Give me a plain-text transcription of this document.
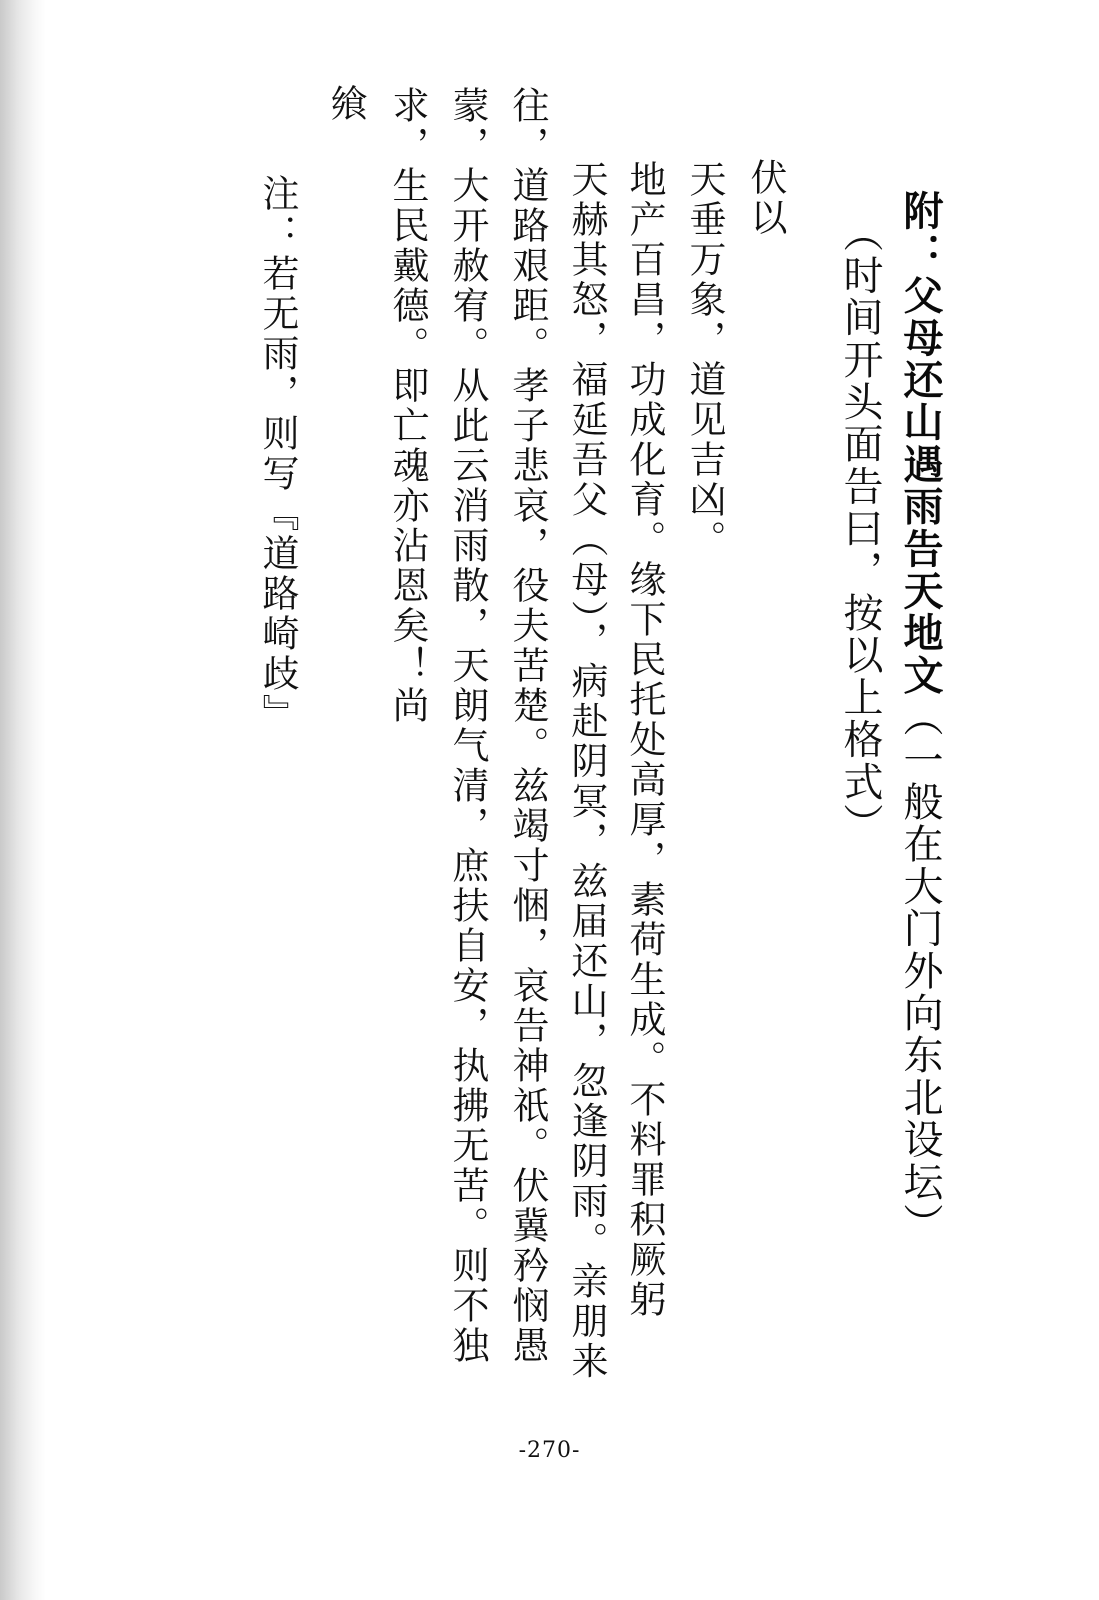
附：父母还山遇雨告天地文（一般在大门外向东北设坛）
（时间开头面告曰，按以上格式）
伏以
天垂万象，道见吉凶。
地产百昌，功成化育。缘下民托处高厚，素荷生成。不料罪积厥躬
天赫其怒，福延吾父（母），病赴阴冥，兹届还山，忽逢阴雨。亲朋来
往，道路艰距。孝子悲哀，役夫苦楚。兹竭寸悃，哀告神祇。伏冀矜悯愚
蒙，大开赦宥。从此云消雨散，天朗气清，庶扶自安，执拂无苦。则不独
求，生民戴德。即亡魂亦沾恩矣！尚
飨
注：若无雨，则写『道路崎歧』
-270-
